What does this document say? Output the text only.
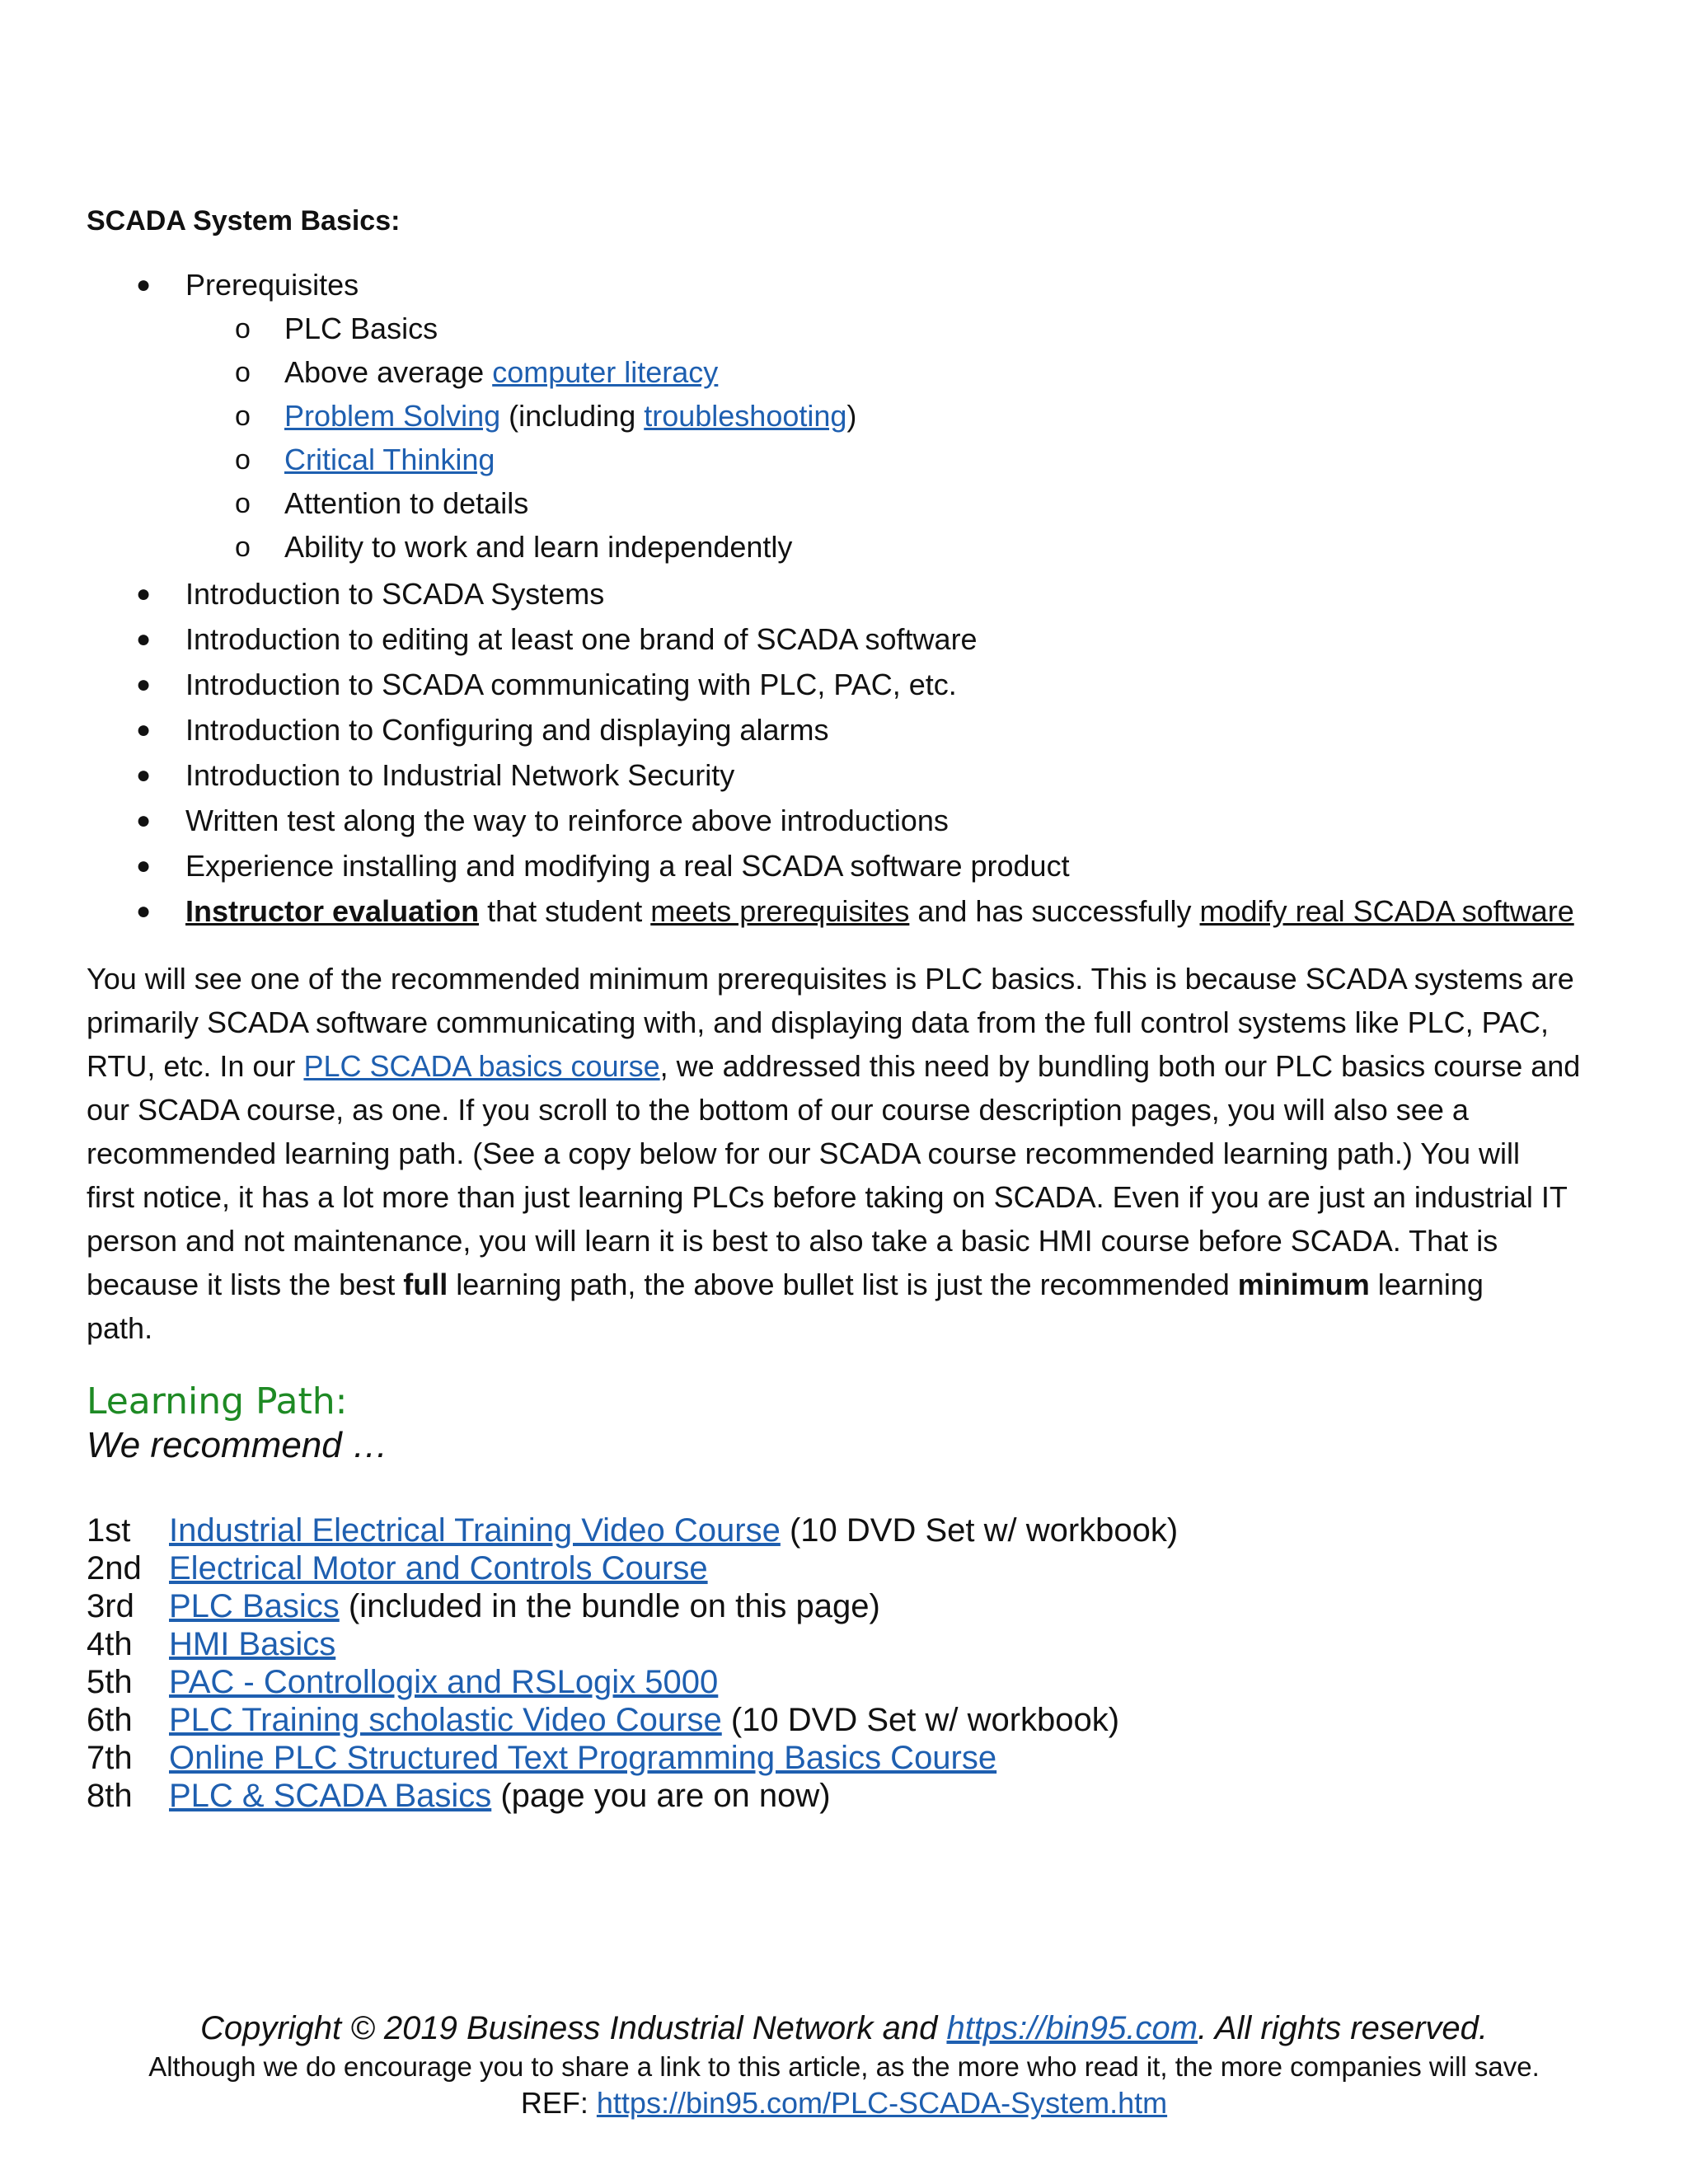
SCADA System Basics:
● Prerequisites
o PLC Basics
o Above average computer literacy
o Problem Solving (including troubleshooting)
o Critical Thinking
o Attention to details
o Ability to work and learn independently
● Introduction to SCADA Systems
● Introduction to editing at least one brand of SCADA software
● Introduction to SCADA communicating with PLC, PAC, etc.
● Introduction to Configuring and displaying alarms
● Introduction to Industrial Network Security
● Written test along the way to reinforce above introductions
● Experience installing and modifying a real SCADA software product
● Instructor evaluation that student meets prerequisites and has successfully modify real SCADA software
You will see one of the recommended minimum prerequisites is PLC basics. This is because SCADA systems are
primarily SCADA software communicating with, and displaying data from the full control systems like PLC, PAC,
RTU, etc. In our PLC SCADA basics course, we addressed this need by bundling both our PLC basics course and
our SCADA course, as one. If you scroll to the bottom of our course description pages, you will also see a
recommended learning path. (See a copy below for our SCADA course recommended learning path.) You will
first notice, it has a lot more than just learning PLCs before taking on SCADA. Even if you are just an industrial IT
person and not maintenance, you will learn it is best to also take a basic HMI course before SCADA. That is
because it lists the best full learning path, the above bullet list is just the recommended minimum learning
path.
Learning Path:
We recommend …
1st Industrial Electrical Training Video Course (10 DVD Set w/ workbook)
2nd Electrical Motor and Controls Course
3rd PLC Basics (included in the bundle on this page)
4th HMI Basics
5th PAC - Controllogix and RSLogix 5000
6th PLC Training scholastic Video Course (10 DVD Set w/ workbook)
7th Online PLC Structured Text Programming Basics Course
8th PLC & SCADA Basics (page you are on now)
Copyright © 2019 Business Industrial Network and https://bin95.com. All rights reserved.
Although we do encourage you to share a link to this article, as the more who read it, the more companies will save.
REF: https://bin95.com/PLC-SCADA-System.htm
